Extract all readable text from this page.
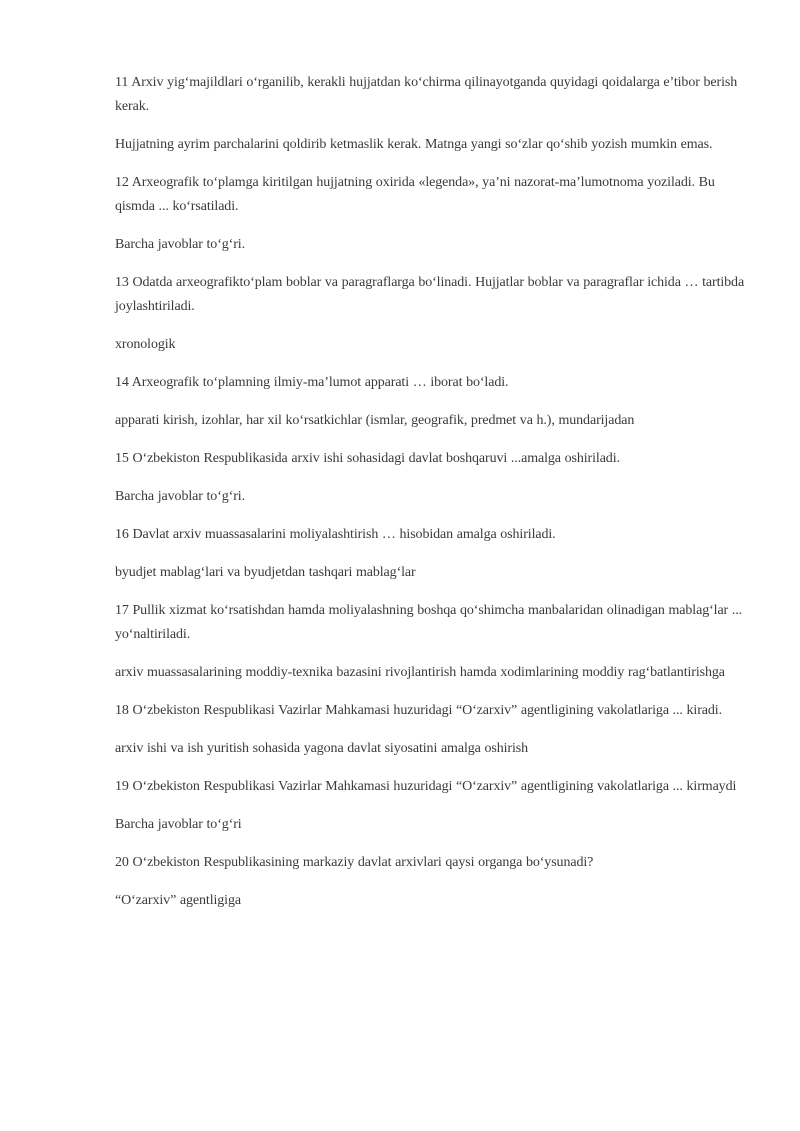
11 Arxiv yig‘majildlari o‘rganilib, kerakli hujjatdan ko‘chirma qilinayotganda quyidagi qoidalarga e’tibor berish kerak.

Hujjatning ayrim parchalarini qoldirib ketmaslik kerak. Matnga yangi so‘zlar qo‘shib yozish mumkin emas.

12 Arxeografik to‘plamga kiritilgan hujjatning oxirida «legenda», ya’ni nazorat-ma’lumotnoma yoziladi. Bu qismda ... ko‘rsatiladi.

Barcha javoblar to‘g‘ri.

13 Odatda arxeografikto‘plam boblar va paragraflarga bo‘linadi. Hujjatlar boblar va paragraflar ichida … tartibda joylashtiriladi.

xronologik

14 Arxeografik to‘plamning ilmiy-ma’lumot apparati … iborat bo‘ladi.

apparati kirish, izohlar, har xil ko‘rsatkichlar (ismlar, geografik, predmet va h.), mundarijadan

15 O‘zbekiston Respublikasida arxiv ishi sohasidagi davlat boshqaruvi ...amalga oshiriladi.

Barcha javoblar to‘g‘ri.

16 Davlat arxiv muassasalarini moliyalashtirish … hisobidan amalga oshiriladi.

byudjet mablag‘lari va byudjetdan tashqari mablag‘lar

17 Pullik xizmat ko‘rsatishdan hamda moliyalashning boshqa qo‘shimcha manbalaridan olinadigan mablag‘lar ... yo‘naltiriladi.

arxiv muassasalarining moddiy-texnika bazasini rivojlantirish hamda xodimlarining moddiy rag‘batlantirishga

18 O‘zbekiston Respublikasi Vazirlar Mahkamasi huzuridagi “O‘zarxiv” agentligining vakolatlariga ... kiradi.

arxiv ishi va ish yuritish sohasida yagona davlat siyosatini amalga oshirish

19 O‘zbekiston Respublikasi Vazirlar Mahkamasi huzuridagi “O‘zarxiv” agentligining vakolatlariga ... kirmaydi

Barcha javoblar to‘g‘ri

20 O‘zbekiston Respublikasining markaziy davlat arxivlari qaysi organga bo‘ysunadi?

“O‘zarxiv” agentligiga
